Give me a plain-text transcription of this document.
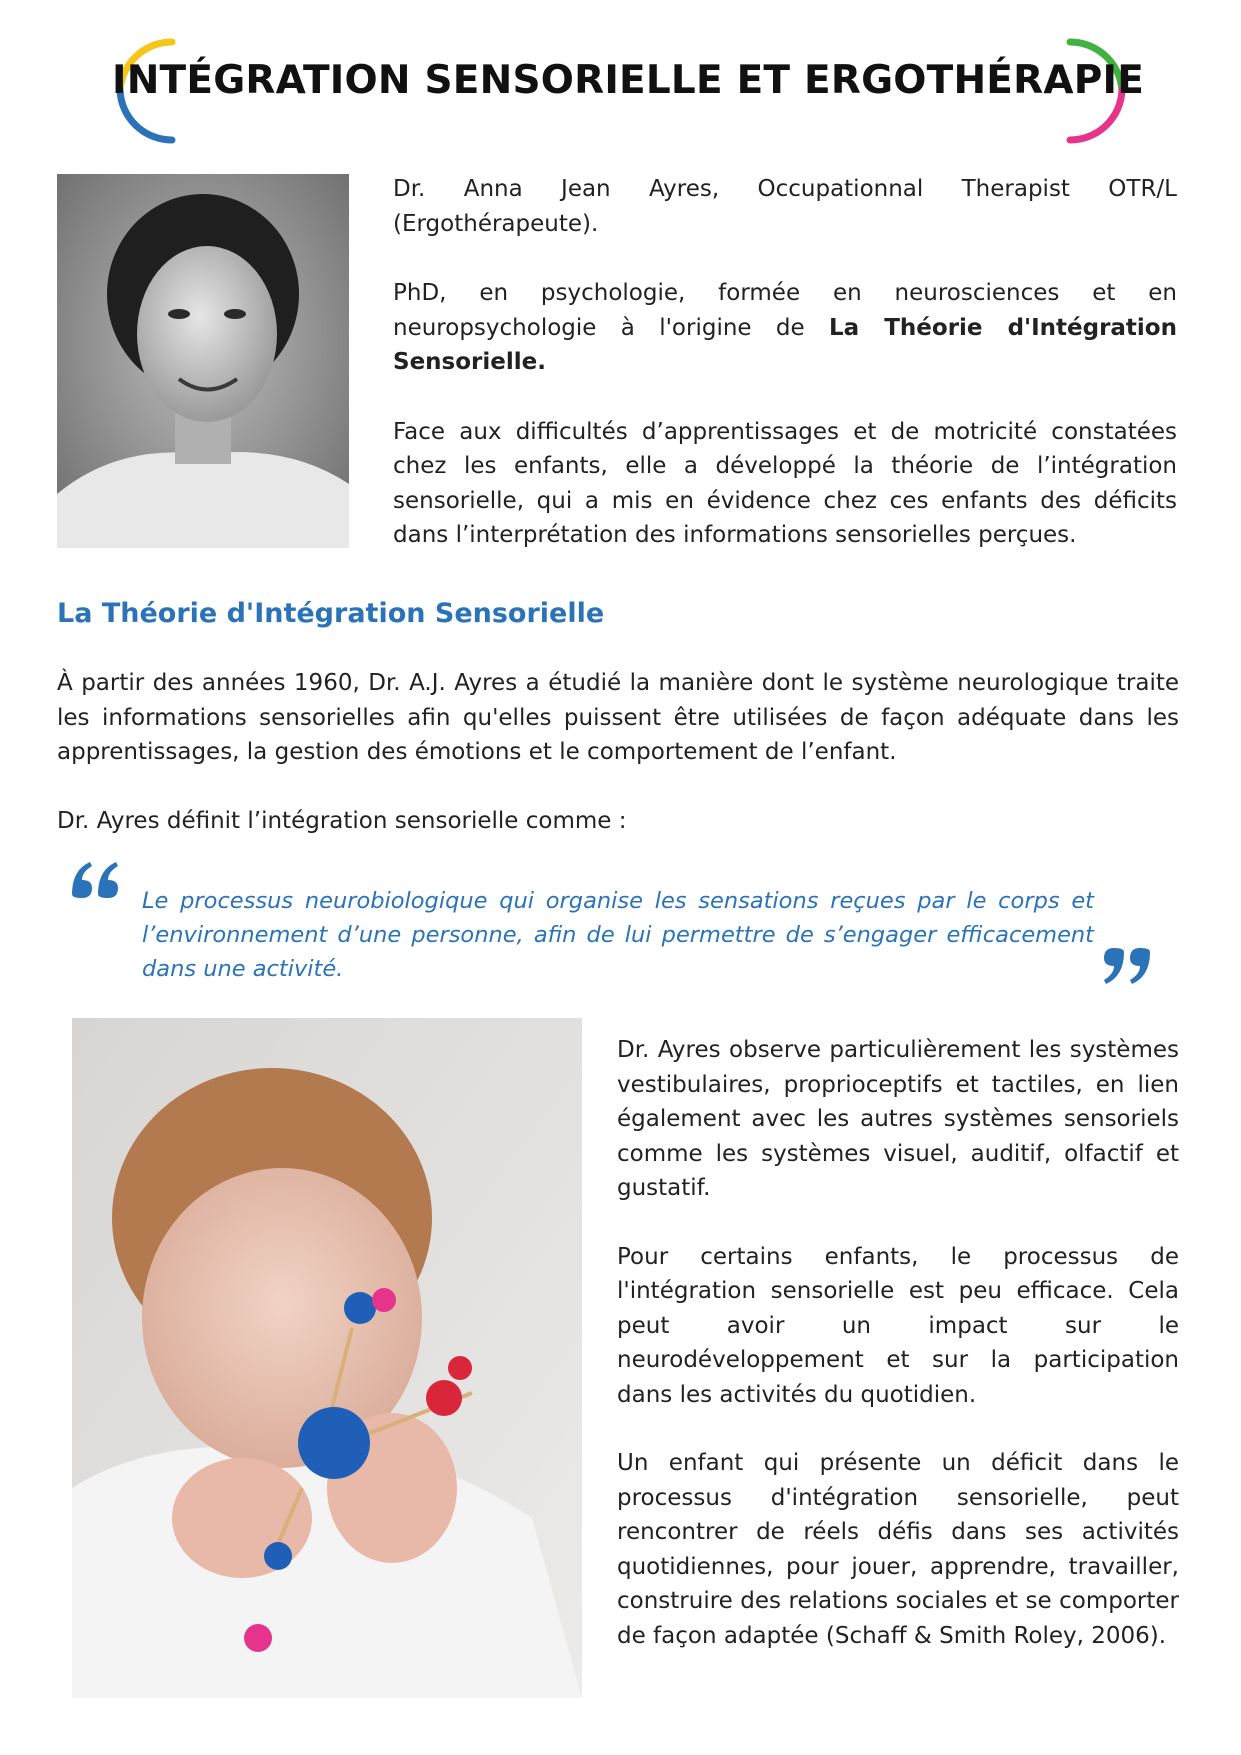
INTÉGRATION SENSORIELLE ET ERGOTHÉRAPIE

Dr. Anna Jean Ayres, Occupationnal Therapist OTR/L (Ergothérapeute).

PhD, en psychologie, formée en neurosciences et en neuropsychologie à l'origine de La Théorie d'Intégration Sensorielle.

Face aux difficultés d’apprentissages et de motricité constatées chez les enfants, elle a développé la théorie de l’intégration sensorielle, qui a mis en évidence chez ces enfants des déficits dans l’interprétation des informations sensorielles perçues.

La Théorie d'Intégration Sensorielle

À partir des années 1960, Dr. A.J. Ayres a étudié la manière dont le système neurologique traite les informations sensorielles afin qu'elles puissent être utilisées de façon adéquate dans les apprentissages, la gestion des émotions et le comportement de l’enfant.

Dr. Ayres définit l’intégration sensorielle comme :

Le processus neurobiologique qui organise les sensations reçues par le corps et l’environnement d’une personne, afin de lui permettre de s’engager efficacement dans une activité.

Dr. Ayres observe particulièrement les systèmes vestibulaires, proprioceptifs et tactiles, en lien également avec les autres systèmes sensoriels comme les systèmes visuel, auditif, olfactif et gustatif.

Pour certains enfants, le processus de l'intégration sensorielle est peu efficace. Cela peut avoir un impact sur le neurodéveloppement et sur la participation dans les activités du quotidien.

Un enfant qui présente un déficit dans le processus d'intégration sensorielle, peut rencontrer de réels défis dans ses activités quotidiennes, pour jouer, apprendre, travailler, construire des relations sociales et se comporter de façon adaptée (Schaff & Smith Roley, 2006).
